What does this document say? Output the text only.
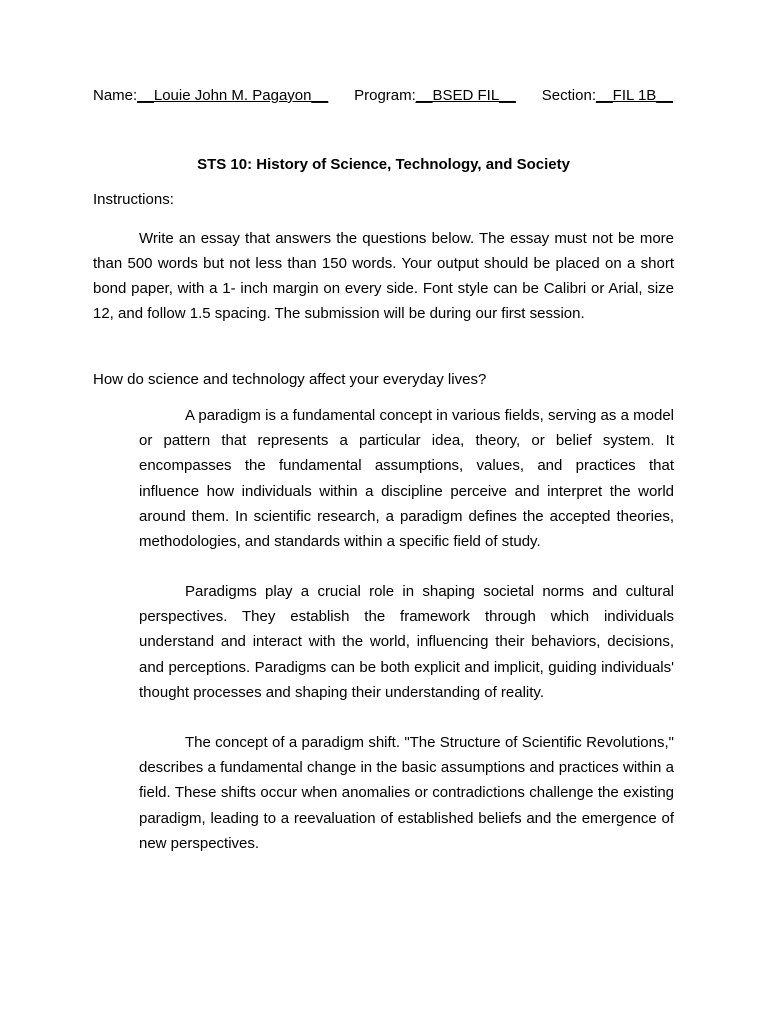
Name:__Louie John M. Pagayon__ Program:__BSED FIL__ Section:__FIL 1B__
STS 10: History of Science, Technology, and Society
Instructions:

Write an essay that answers the questions below. The essay must not be more than 500 words but not less than 150 words. Your output should be placed on a short bond paper, with a 1- inch margin on every side. Font style can be Calibri or Arial, size 12, and follow 1.5 spacing. The submission will be during our first session.

How do science and technology affect your everyday lives?

A paradigm is a fundamental concept in various fields, serving as a model or pattern that represents a particular idea, theory, or belief system. It encompasses the fundamental assumptions, values, and practices that influence how individuals within a discipline perceive and interpret the world around them. In scientific research, a paradigm defines the accepted theories, methodologies, and standards within a specific field of study.

Paradigms play a crucial role in shaping societal norms and cultural perspectives. They establish the framework through which individuals understand and interact with the world, influencing their behaviors, decisions, and perceptions. Paradigms can be both explicit and implicit, guiding individuals' thought processes and shaping their understanding of reality.

The concept of a paradigm shift. "The Structure of Scientific Revolutions," describes a fundamental change in the basic assumptions and practices within a field. These shifts occur when anomalies or contradictions challenge the existing paradigm, leading to a reevaluation of established beliefs and the emergence of new perspectives.
